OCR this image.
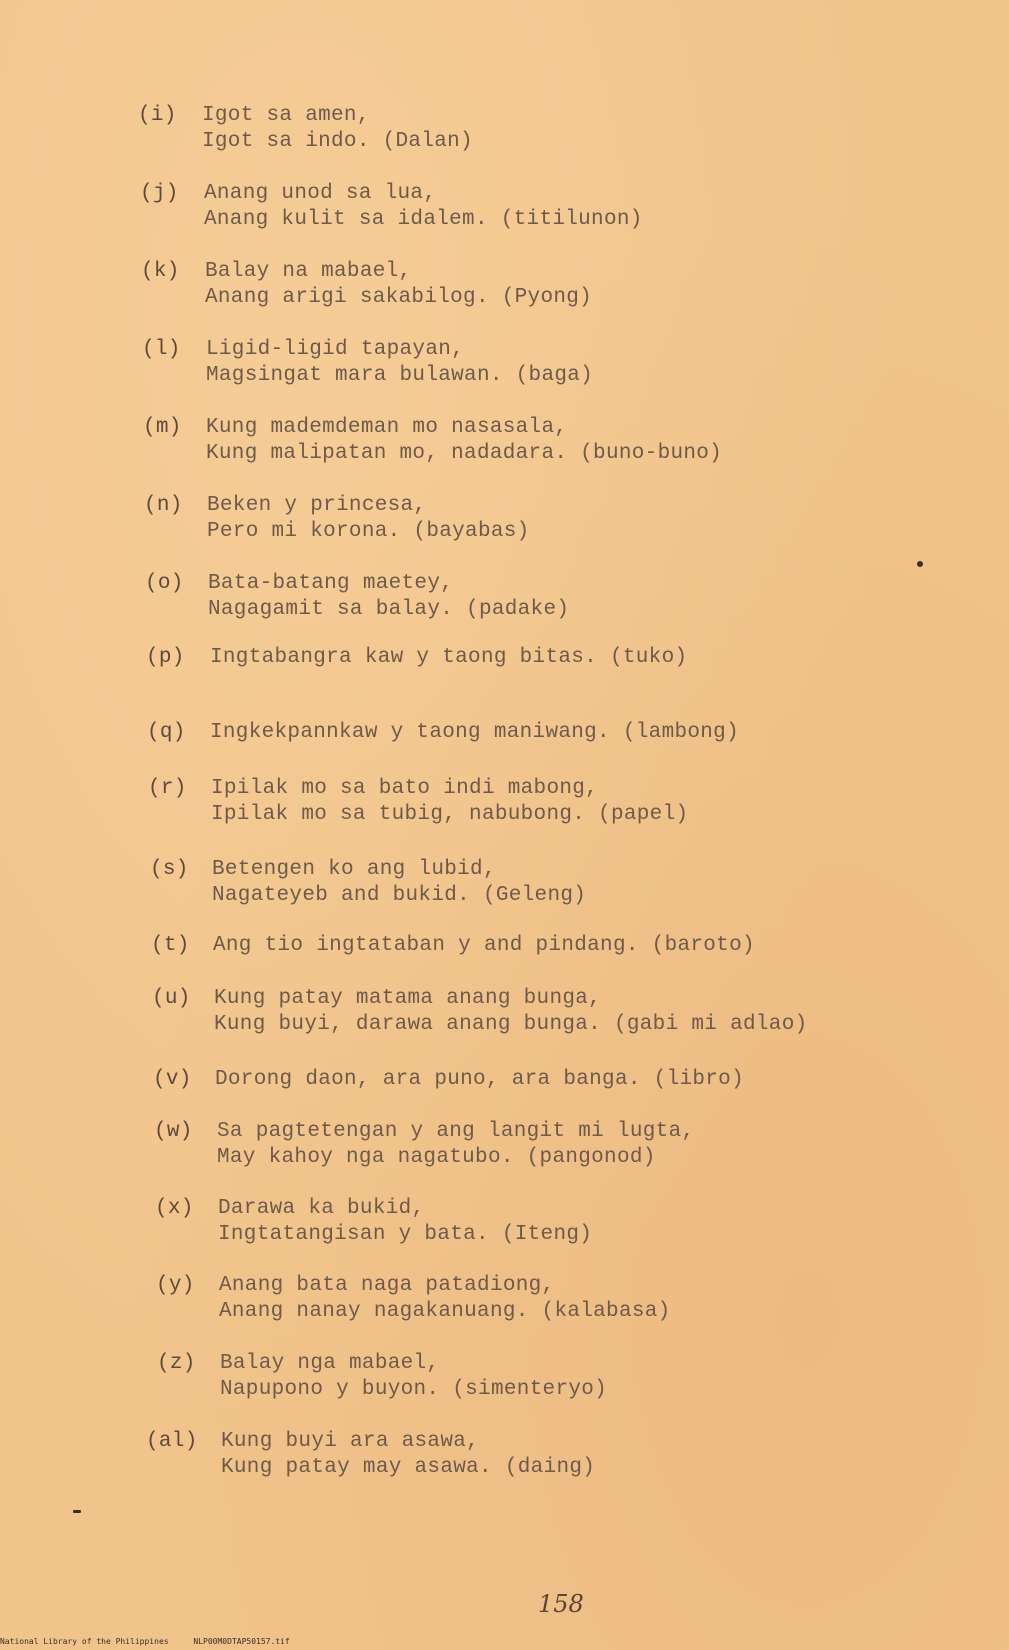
(i) Igot sa amen,
Igot sa indo. (Dalan)
(j) Anang unod sa lua,
Anang kulit sa idalem. (titilunon)
(k) Balay na mabael,
Anang arigi sakabilog. (Pyong)
(l) Ligid-ligid tapayan,
Magsingat mara bulawan. (baga)
(m) Kung mademdeman mo nasasala,
Kung malipatan mo, nadadara. (buno-buno)
(n) Beken y princesa,
Pero mi korona. (bayabas)
(o) Bata-batang maetey,
Nagagamit sa balay. (padake)
(p) Ingtabangra kaw y taong bitas. (tuko)
(q) Ingkekpannkaw y taong maniwang. (lambong)
(r) Ipilak mo sa bato indi mabong,
Ipilak mo sa tubig, nabubong. (papel)
(s) Betengen ko ang lubid,
Nagateyeb and bukid. (Geleng)
(t) Ang tio ingtataban y and pindang. (baroto)
(u) Kung patay matama anang bunga,
Kung buyi, darawa anang bunga. (gabi mi adlao)
(v) Dorong daon, ara puno, ara banga. (libro)
(w) Sa pagtetengan y ang langit mi lugta,
May kahoy nga nagatubo. (pangonod)
(x) Darawa ka bukid,
Ingtatangisan y bata. (Iteng)
(y) Anang bata naga patadiong,
Anang nanay nagakanuang. (kalabasa)
(z) Balay nga mabael,
Napupono y buyon. (simenteryo)
(al) Kung buyi ara asawa,
Kung patay may asawa. (daing)
158
National Library of the Philippines	NLP00M0DTAP50157.tif
